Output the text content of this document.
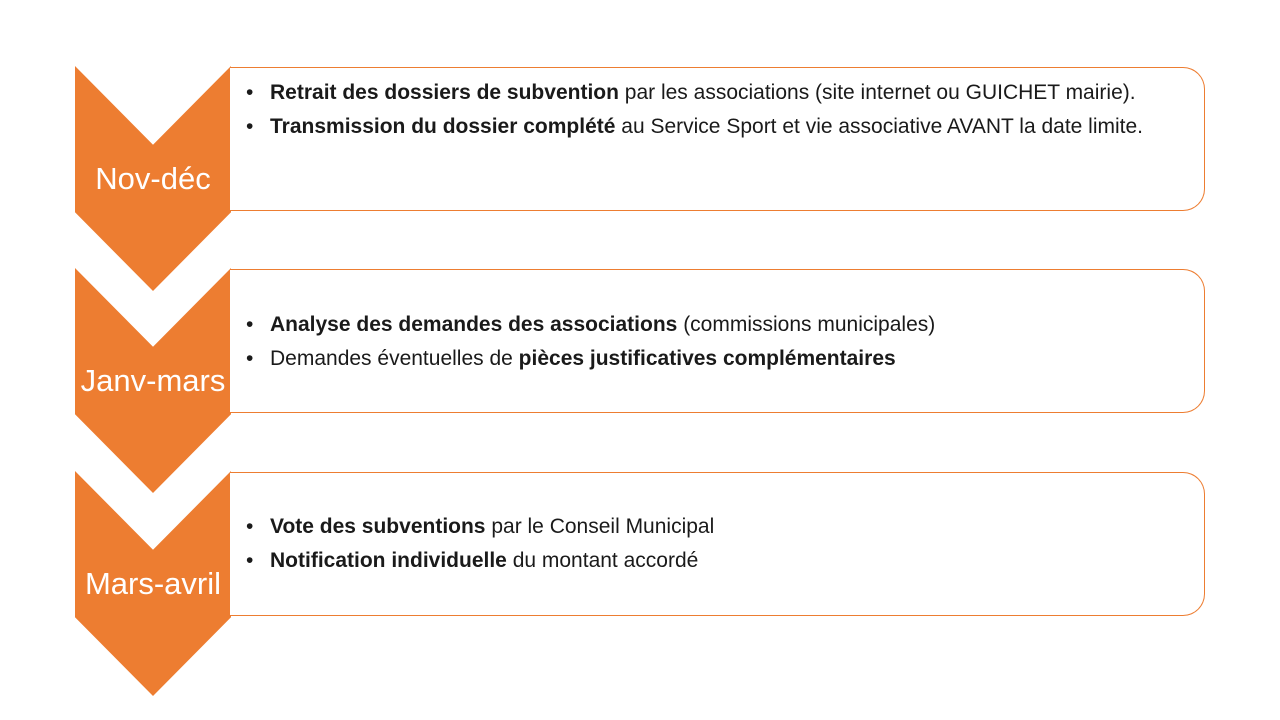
Nov-déc
• Retrait des dossiers de subvention par les associations (site internet ou GUICHET mairie).
• Transmission du dossier complété au Service Sport et vie associative AVANT la date limite.
Janv-mars
• Analyse des demandes des associations (commissions municipales)
• Demandes éventuelles de pièces justificatives complémentaires
Mars-avril
• Vote des subventions par le Conseil Municipal
• Notification individuelle du montant accordé
